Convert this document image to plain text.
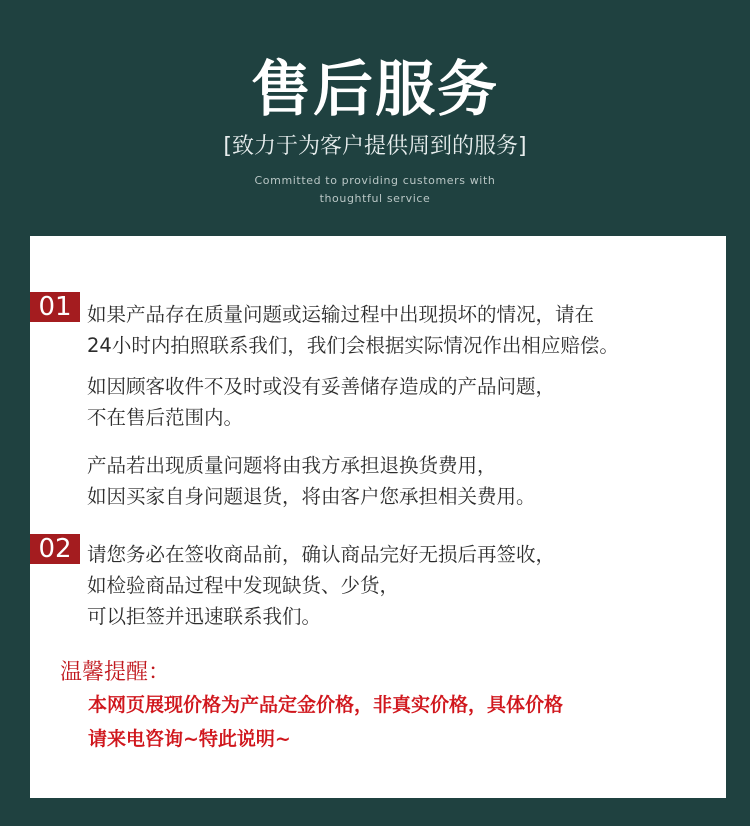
售后服务
[致力于为客户提供周到的服务]
Committed to providing customers with
thoughtful service
01 如果产品存在质量问题或运输过程中出现损坏的情况，请在
24小时内拍照联系我们，我们会根据实际情况作出相应赔偿。
如因顾客收件不及时或没有妥善储存造成的产品问题，
不在售后范围内。
产品若出现质量问题将由我方承担退换货费用，
如因买家自身问题退货，将由客户您承担相关费用。
02 请您务必在签收商品前，确认商品完好无损后再签收，
如检验商品过程中发现缺货、少货，
可以拒签并迅速联系我们。
温馨提醒：
本网页展现价格为产品定金价格，非真实价格，具体价格
请来电咨询~特此说明~
